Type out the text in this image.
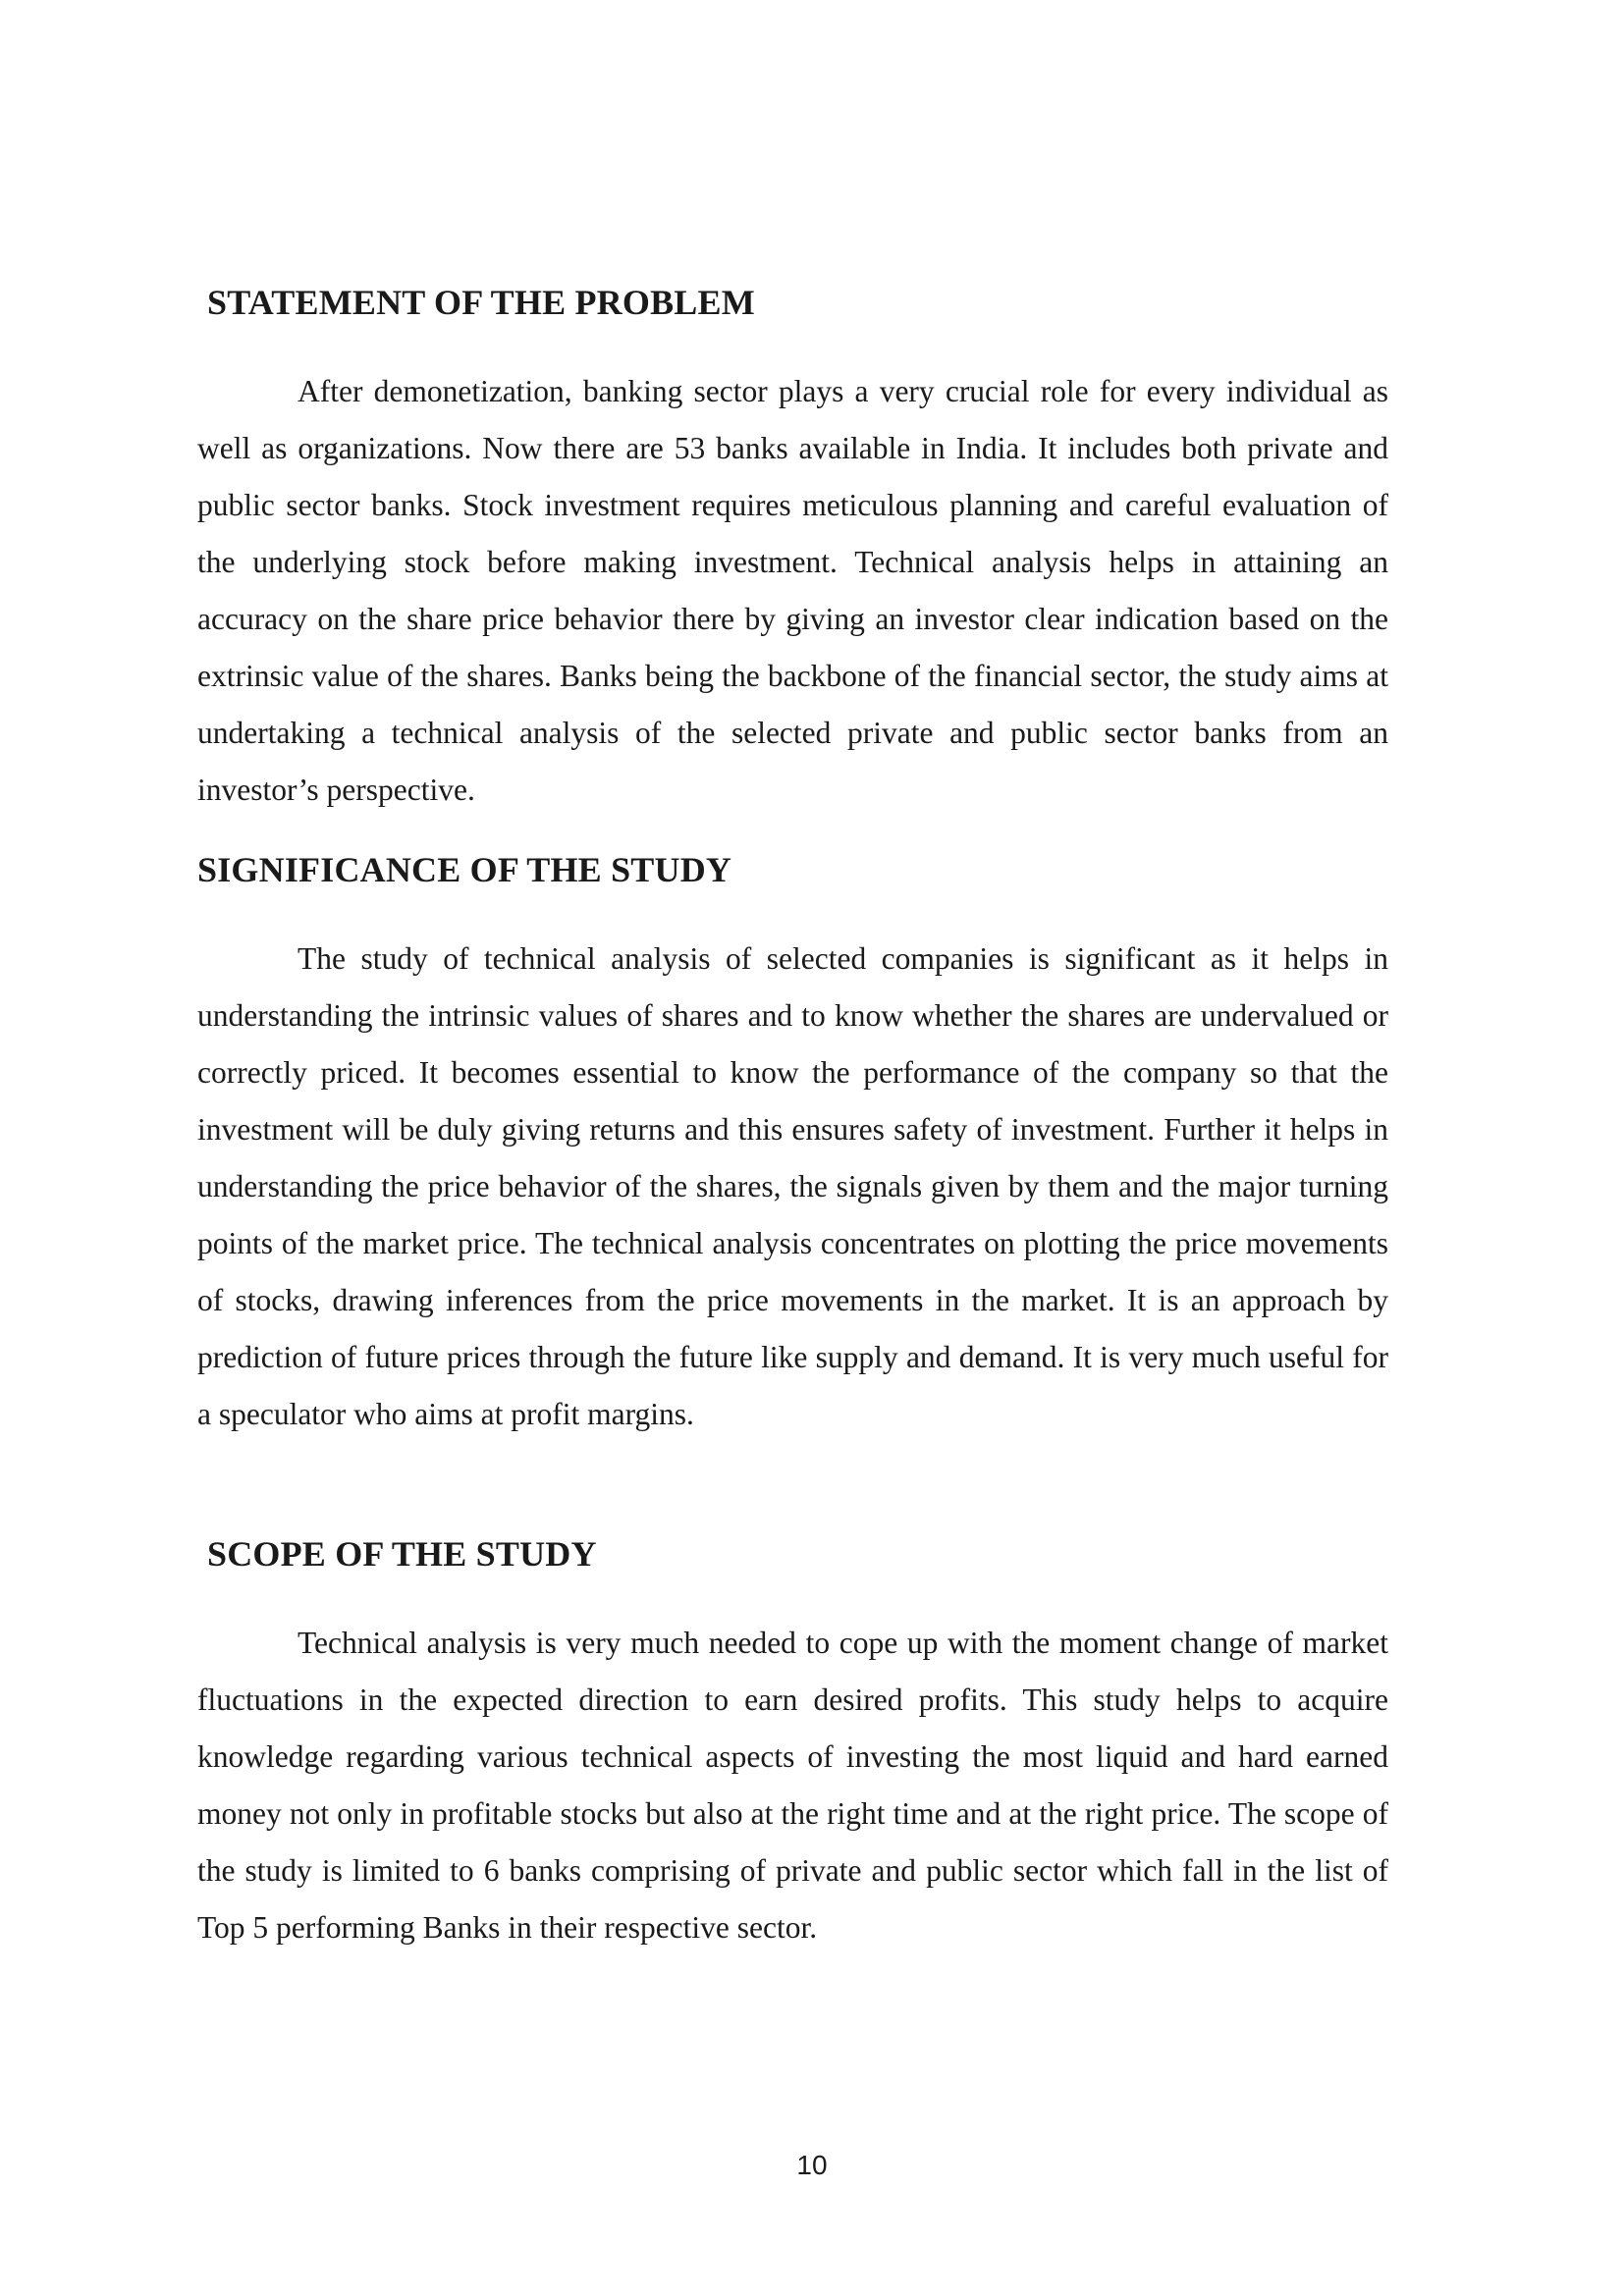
STATEMENT OF THE PROBLEM

After demonetization, banking sector plays a very crucial role for every individual as well as organizations. Now there are 53 banks available in India. It includes both private and public sector banks. Stock investment requires meticulous planning and careful evaluation of the underlying stock before making investment. Technical analysis helps in attaining an accuracy on the share price behavior there by giving an investor clear indication based on the extrinsic value of the shares. Banks being the backbone of the financial sector, the study aims at undertaking a technical analysis of the selected private and public sector banks from an investor’s perspective.

SIGNIFICANCE OF THE STUDY

The study of technical analysis of selected companies is significant as it helps in understanding the intrinsic values of shares and to know whether the shares are undervalued or correctly priced. It becomes essential to know the performance of the company so that the investment will be duly giving returns and this ensures safety of investment. Further it helps in understanding the price behavior of the shares, the signals given by them and the major turning points of the market price. The technical analysis concentrates on plotting the price movements of stocks, drawing inferences from the price movements in the market. It is an approach by prediction of future prices through the future like supply and demand. It is very much useful for a speculator who aims at profit margins.

SCOPE OF THE STUDY

Technical analysis is very much needed to cope up with the moment change of market fluctuations in the expected direction to earn desired profits. This study helps to acquire knowledge regarding various technical aspects of investing the most liquid and hard earned money not only in profitable stocks but also at the right time and at the right price. The scope of the study is limited to 6 banks comprising of private and public sector which fall in the list of Top 5 performing Banks in their respective sector.

10
